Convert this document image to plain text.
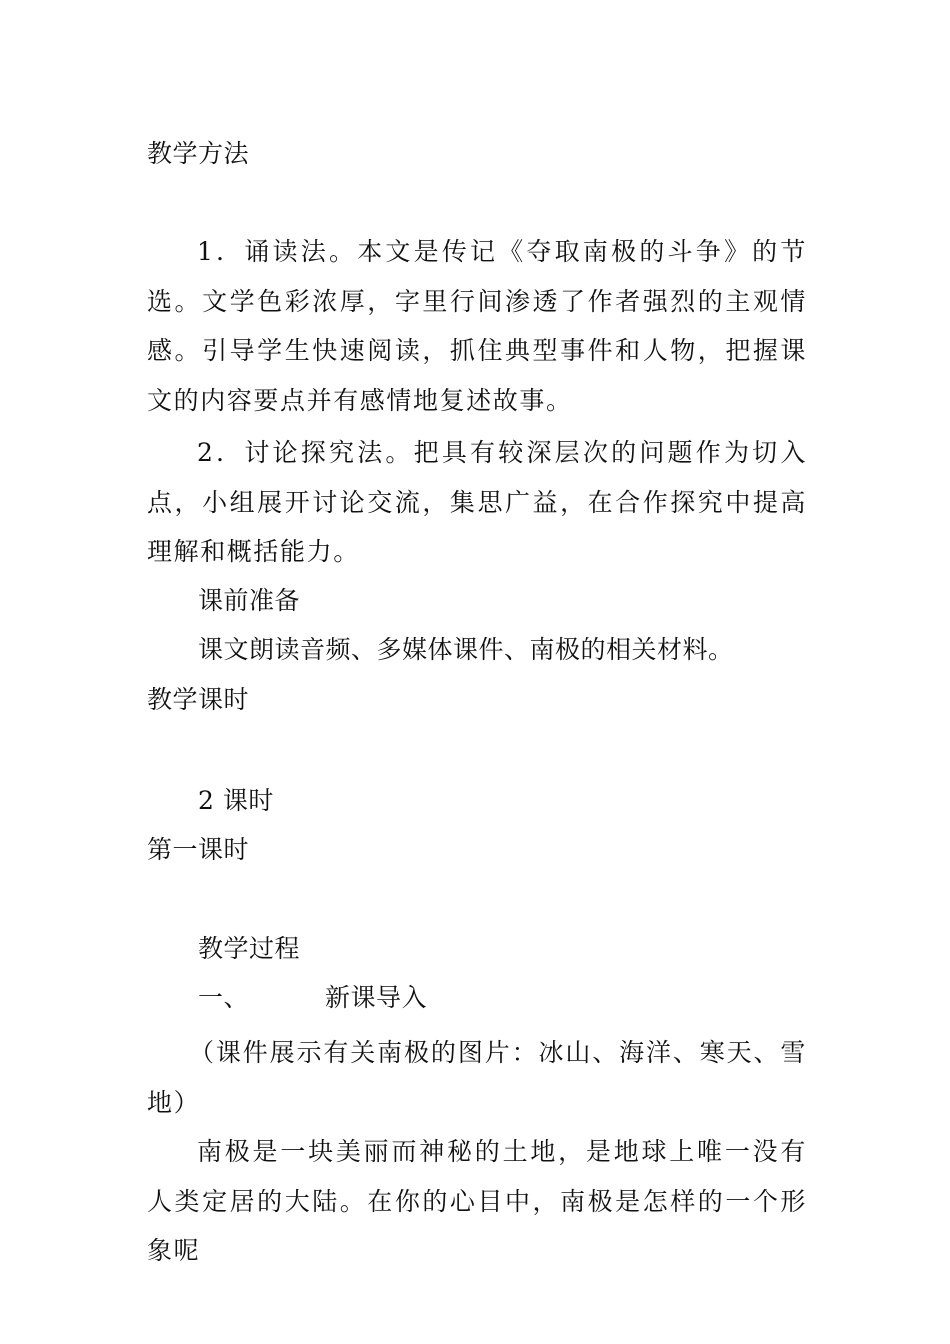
教学方法
1．诵读法。本文是传记《夺取南极的斗争》的节选。文学色彩浓厚，字里行间渗透了作者强烈的主观情感。引导学生快速阅读，抓住典型事件和人物，把握课文的内容要点并有感情地复述故事。
2．讨论探究法。把具有较深层次的问题作为切入点，小组展开讨论交流，集思广益，在合作探究中提高理解和概括能力。
课前准备
课文朗读音频、多媒体课件、南极的相关材料。
教学课时
2 课时
第一课时
教学过程
一、	新课导入
（课件展示有关南极的图片：冰山、海洋、寒天、雪地）
南极是一块美丽而神秘的土地，是地球上唯一没有人类定居的大陆。在你的心目中，南极是怎样的一个形象呢
